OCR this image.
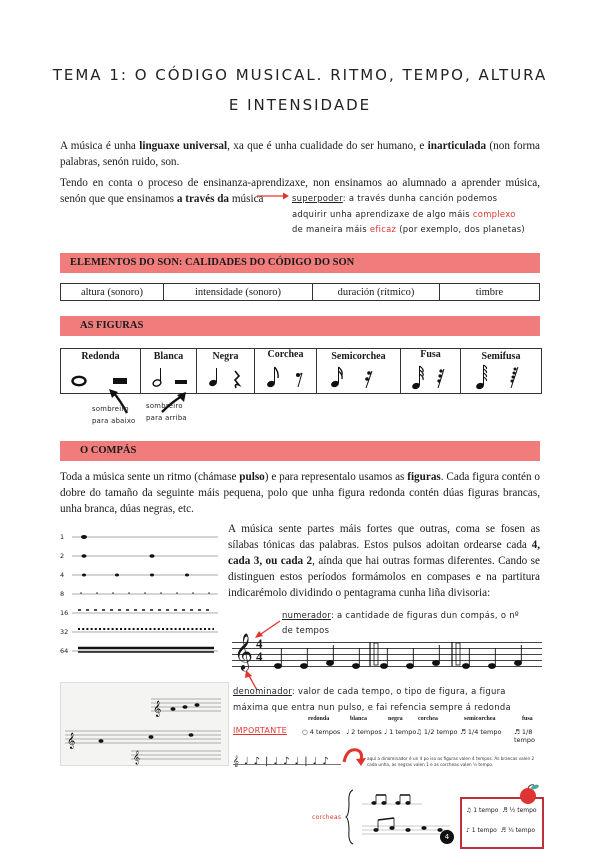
TEMA 1: O CÓDIGO MUSICAL. RITMO, TEMPO, ALTURA
E INTENSIDADE
A música é unha linguaxe universal, xa que é unha cualidade do ser humano, e inarticulada (non forma palabras, senón ruido, son.
Tendo en conta o proceso de ensinanza-aprendizaxe, non ensinamos ao alumnado a aprender música, senón que que ensinamos a través da música	superpoder: a través dunha canción podemos
adquirir unha aprendizaxe de algo máis complexo
de maneira máis eficaz (por exemplo, dos planetas)
ELEMENTOS DO SON: CALIDADES DO CÓDIGO DO SON
altura (sonoro)	intensidade (sonoro)	duración (rítmico)	timbre
AS FIGURAS
Redonda	Blanca	Negra	Corchea	Semicorchea	Fusa	Semifusa
sombreiro
para abaixo
sombreiro
para arriba
O COMPÁS
Toda a música sente un ritmo (chámase pulso) e para representalo usamos as figuras. Cada figura contén o dobre do tamaño da seguinte máis pequena, polo que unha figura redonda contén dúas figuras brancas, unha branca, dúas negras, etc.
1
2
4
8
16
32
64
A música sente partes máis fortes que outras, coma se fosen as sílabas tónicas das palabras. Estos pulsos adoitan ordearse cada 4, cada 3, ou cada 2, aínda que hai outras formas diferentes. Cando se distinguen estos períodos formámolos en compases e na partitura indicarémolo dividindo o pentagrama cunha liña divisoria:
numerador: a cantidade de figuras dun compás, o nº
de tempos
𝄞 4
4
denominador: valor de cada tempo, o tipo de figura, a figura
máxima que entra nun pulso, e fai refencia sempre á redonda
𝄞
𝄞
𝄞
IMPORTANTE
redonda	blanca	negra	corchea	semicorchea	fusa
○ 4 tempos ♩ 2 tempos ♩ 1 tempo ♫ 1/2 tempo ♬ 1/4 tempo ♬ 1/8 tempo
𝄞♩♪|♩♪♩|♩♪	aquí a dinominador é un 4 po iso as figuras valen 4 tempos. As brancas valen 2 cada unha, as negras valen 1 e as corcheas valen ½ tempo.
corcheas
4
♫ 1 tempo  ♬ ½ tempo
♪ 1 tempo  ♬ ¼ tempo
